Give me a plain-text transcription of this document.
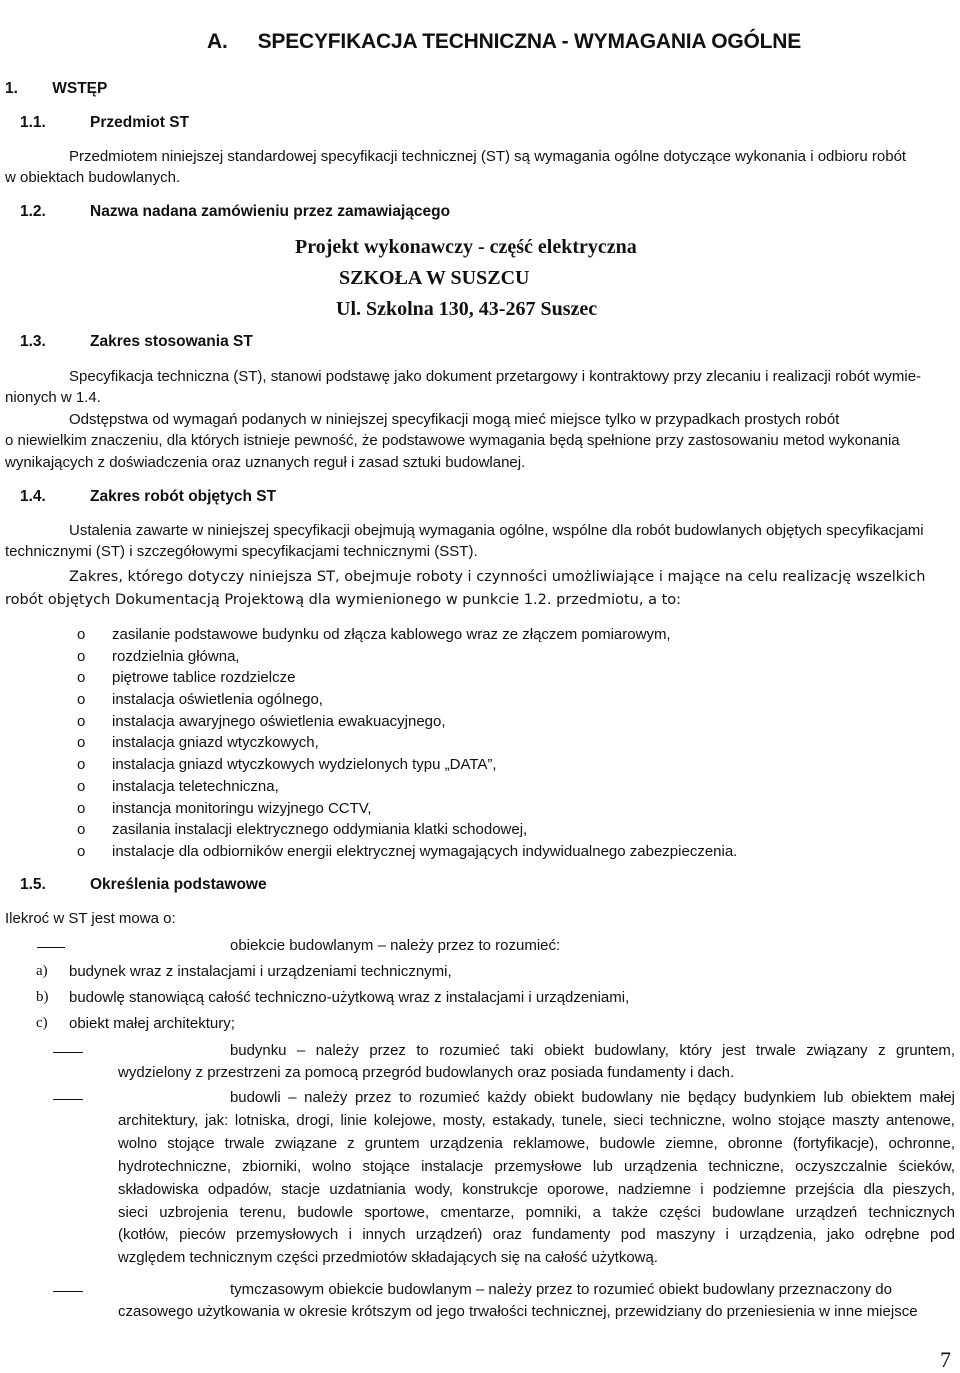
A. SPECYFIKACJA TECHNICZNA - WYMAGANIA OGÓLNE
1. WSTĘP
1.1.	Przedmiot ST
Przedmiotem niniejszej standardowej specyfikacji technicznej (ST) są wymagania ogólne dotyczące wykonania i odbioru robót
w obiektach budowlanych.
1.2.	Nazwa nadana zamówieniu przez zamawiającego
Projekt wykonawczy - część elektryczna
SZKOŁA W SUSZCU
Ul. Szkolna 130, 43-267 Suszec
1.3.	Zakres stosowania ST
Specyfikacja techniczna (ST), stanowi podstawę jako dokument przetargowy i kontraktowy przy zlecaniu i realizacji robót wymie-
nionych w 1.4.
Odstępstwa od wymagań podanych w niniejszej specyfikacji mogą mieć miejsce tylko w przypadkach prostych robót
o niewielkim znaczeniu, dla których istnieje pewność, że podstawowe wymagania będą spełnione przy zastosowaniu metod wykonania
wynikających z doświadczenia oraz uznanych reguł i zasad sztuki budowlanej.
1.4.	Zakres robót objętych ST
Ustalenia zawarte w niniejszej specyfikacji obejmują wymagania ogólne, wspólne dla robót budowlanych objętych specyfikacjami
technicznymi (ST) i szczegółowymi specyfikacjami technicznymi (SST).
Zakres, którego dotyczy niniejsza ST, obejmuje roboty i czynności umożliwiające i mające na celu realizację wszelkich
robót objętych Dokumentacją Projektową dla wymienionego w punkcie 1.2. przedmiotu, a to:
o zasilanie podstawowe budynku od złącza kablowego wraz ze złączem pomiarowym,
o rozdzielnia główna,
o piętrowe tablice rozdzielcze
o instalacja oświetlenia ogólnego,
o instalacja awaryjnego oświetlenia ewakuacyjnego,
o instalacja gniazd wtyczkowych,
o instalacja gniazd wtyczkowych wydzielonych typu „DATA”,
o instalacja teletechniczna,
o instancja monitoringu wizyjnego CCTV,
o zasilania instalacji elektrycznego oddymiania klatki schodowej,
o instalacje dla odbiorników energii elektrycznej wymagających indywidualnego zabezpieczenia.
1.5.	Określenia podstawowe
Ilekroć w ST jest mowa o:
obiekcie budowlanym – należy przez to rozumieć:
a) budynek wraz z instalacjami i urządzeniami technicznymi,
b) budowlę stanowiącą całość techniczno-użytkową wraz z instalacjami i urządzeniami,
c) obiekt małej architektury;
budynku – należy przez to rozumieć taki obiekt budowlany, który jest trwale związany z gruntem,
wydzielony z przestrzeni za pomocą przegród budowlanych oraz posiada fundamenty i dach.
budowli – należy przez to rozumieć każdy obiekt budowlany nie będący budynkiem lub obiektem małej
architektury, jak: lotniska, drogi, linie kolejowe, mosty, estakady, tunele, sieci techniczne, wolno stojące maszty antenowe,
wolno stojące trwale związane z gruntem urządzenia reklamowe, budowle ziemne, obronne (fortyfikacje), ochronne,
hydrotechniczne, zbiorniki, wolno stojące instalacje przemysłowe lub urządzenia techniczne, oczyszczalnie ścieków,
składowiska odpadów, stacje uzdatniania wody, konstrukcje oporowe, nadziemne i podziemne przejścia dla pieszych,
sieci uzbrojenia terenu, budowle sportowe, cmentarze, pomniki, a także części budowlane urządzeń technicznych
(kotłów, pieców przemysłowych i innych urządzeń) oraz fundamenty pod maszyny i urządzenia, jako odrębne pod
względem technicznym części przedmiotów składających się na całość użytkową.
tymczasowym obiekcie budowlanym – należy przez to rozumieć obiekt budowlany przeznaczony do
czasowego użytkowania w okresie krótszym od jego trwałości technicznej, przewidziany do przeniesienia w inne miejsce
7
